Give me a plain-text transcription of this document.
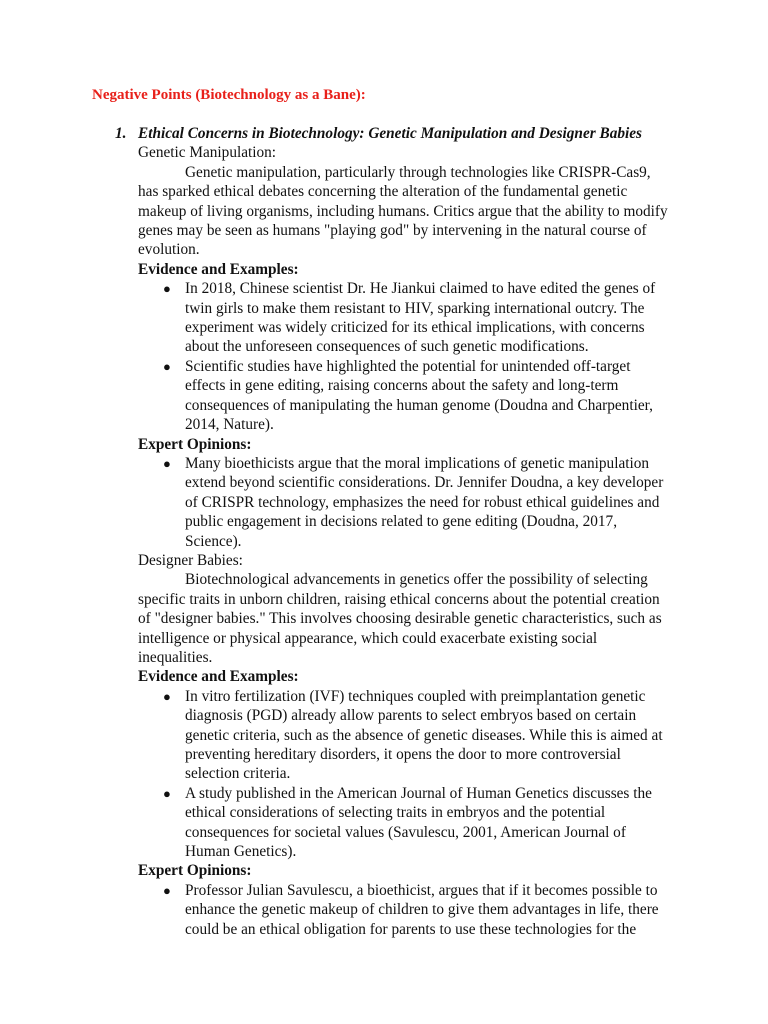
Negative Points (Biotechnology as a Bane):
1. Ethical Concerns in Biotechnology: Genetic Manipulation and Designer Babies

Genetic Manipulation:

Genetic manipulation, particularly through technologies like CRISPR-Cas9, has sparked ethical debates concerning the alteration of the fundamental genetic makeup of living organisms, including humans. Critics argue that the ability to modify genes may be seen as humans "playing god" by intervening in the natural course of evolution.

Evidence and Examples:

● In 2018, Chinese scientist Dr. He Jiankui claimed to have edited the genes of twin girls to make them resistant to HIV, sparking international outcry. The experiment was widely criticized for its ethical implications, with concerns about the unforeseen consequences of such genetic modifications.
● Scientific studies have highlighted the potential for unintended off-target effects in gene editing, raising concerns about the safety and long-term consequences of manipulating the human genome (Doudna and Charpentier, 2014, Nature).

Expert Opinions:

● Many bioethicists argue that the moral implications of genetic manipulation extend beyond scientific considerations. Dr. Jennifer Doudna, a key developer of CRISPR technology, emphasizes the need for robust ethical guidelines and public engagement in decisions related to gene editing (Doudna, 2017, Science).

Designer Babies:

Biotechnological advancements in genetics offer the possibility of selecting specific traits in unborn children, raising ethical concerns about the potential creation of "designer babies." This involves choosing desirable genetic characteristics, such as intelligence or physical appearance, which could exacerbate existing social inequalities.

Evidence and Examples:

● In vitro fertilization (IVF) techniques coupled with preimplantation genetic diagnosis (PGD) already allow parents to select embryos based on certain genetic criteria, such as the absence of genetic diseases. While this is aimed at preventing hereditary disorders, it opens the door to more controversial selection criteria.
● A study published in the American Journal of Human Genetics discusses the ethical considerations of selecting traits in embryos and the potential consequences for societal values (Savulescu, 2001, American Journal of Human Genetics).

Expert Opinions:

● Professor Julian Savulescu, a bioethicist, argues that if it becomes possible to enhance the genetic makeup of children to give them advantages in life, there could be an ethical obligation for parents to use these technologies for the
